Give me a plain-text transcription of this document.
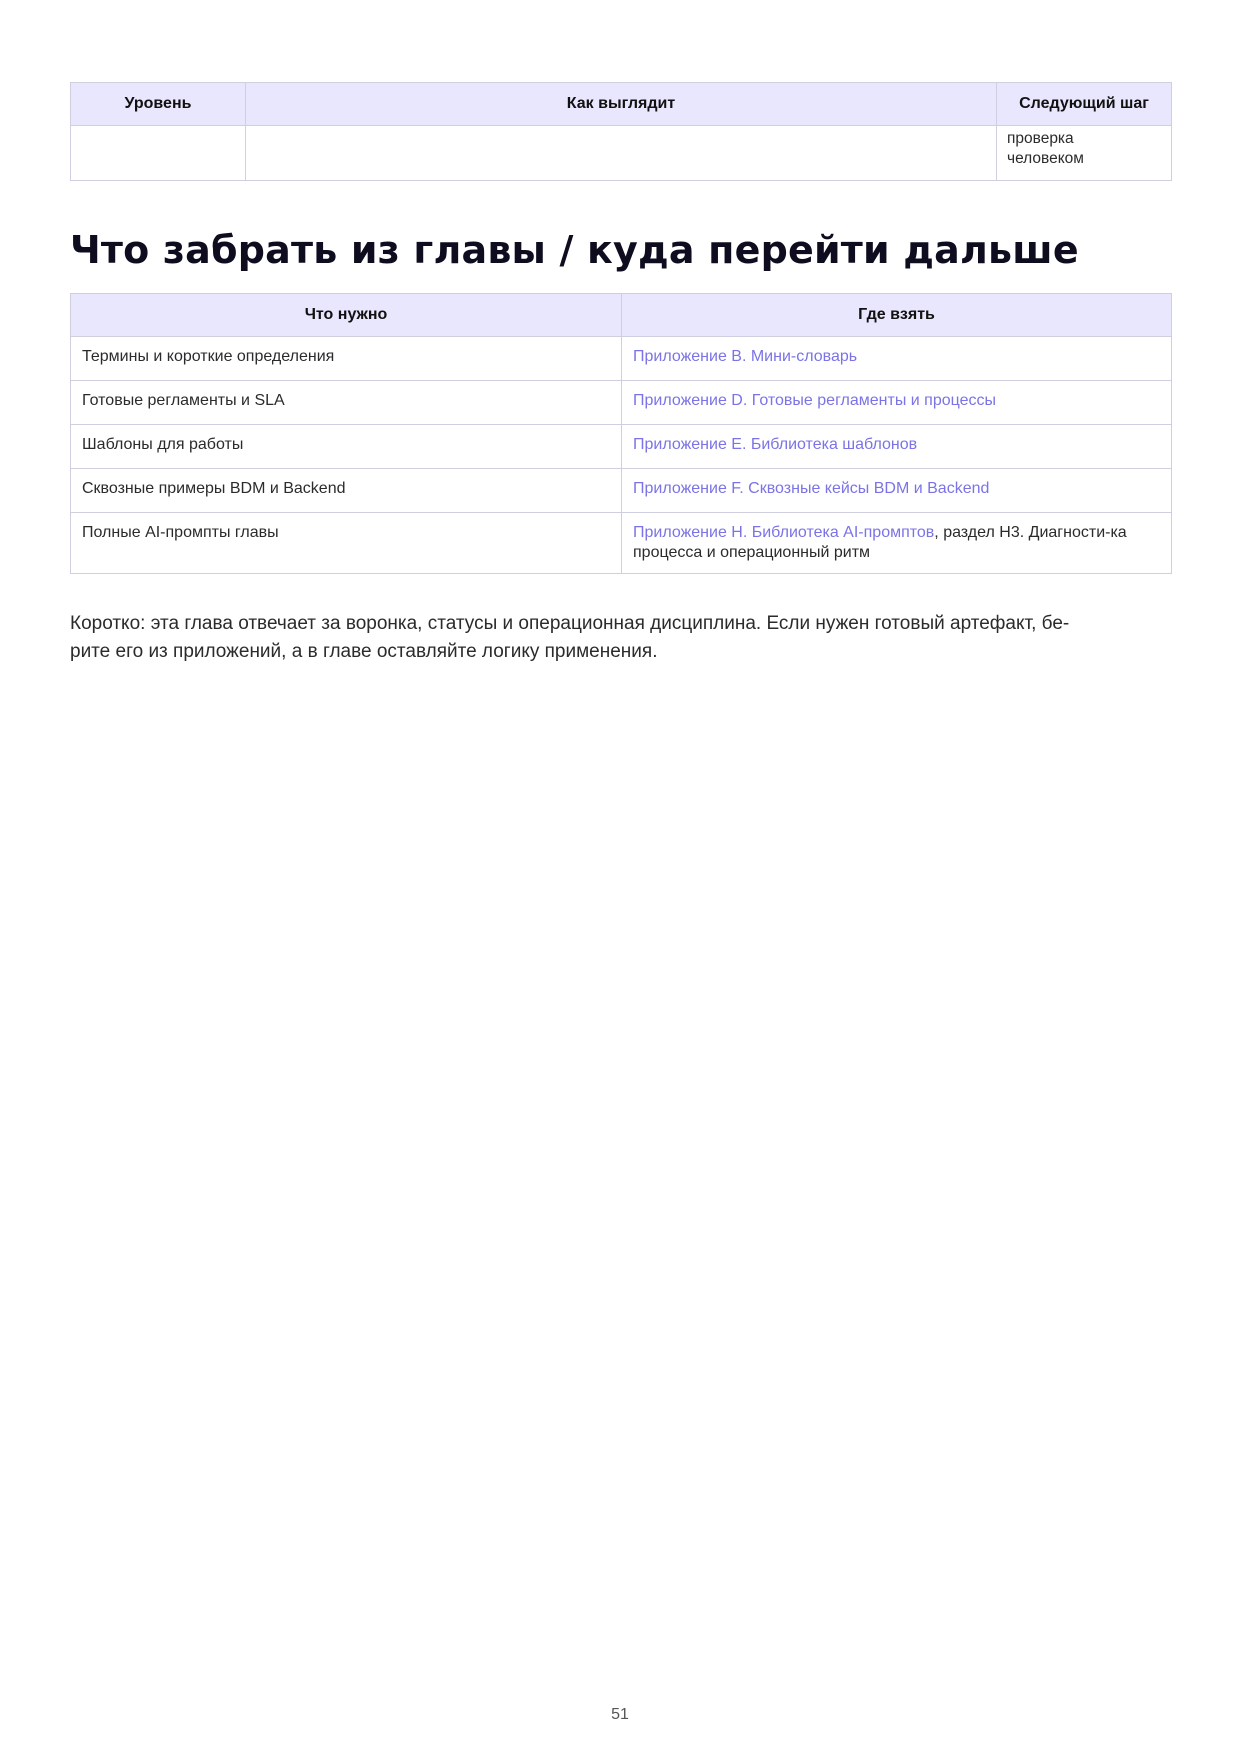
Уровень	Как выглядит	Следующий шаг

		проверка
человеком
Что забрать из главы / куда перейти дальше
Что нужно	Где взять
Термины и короткие определения	Приложение B. Мини-словарь
Готовые регламенты и SLA	Приложение D. Готовые регламенты и процессы
Шаблоны для работы	Приложение E. Библиотека шаблонов
Сквозные примеры BDM и Backend	Приложение F. Сквозные кейсы BDM и Backend
Полные AI-промпты главы	Приложение H. Библиотека AI-промптов, раздел H3. Диагности-ка процесса и операционный ритм
Коротко: эта глава отвечает за воронка, статусы и операционная дисциплина. Если нужен готовый артефакт, бе-
рите его из приложений, а в главе оставляйте логику применения.
51
